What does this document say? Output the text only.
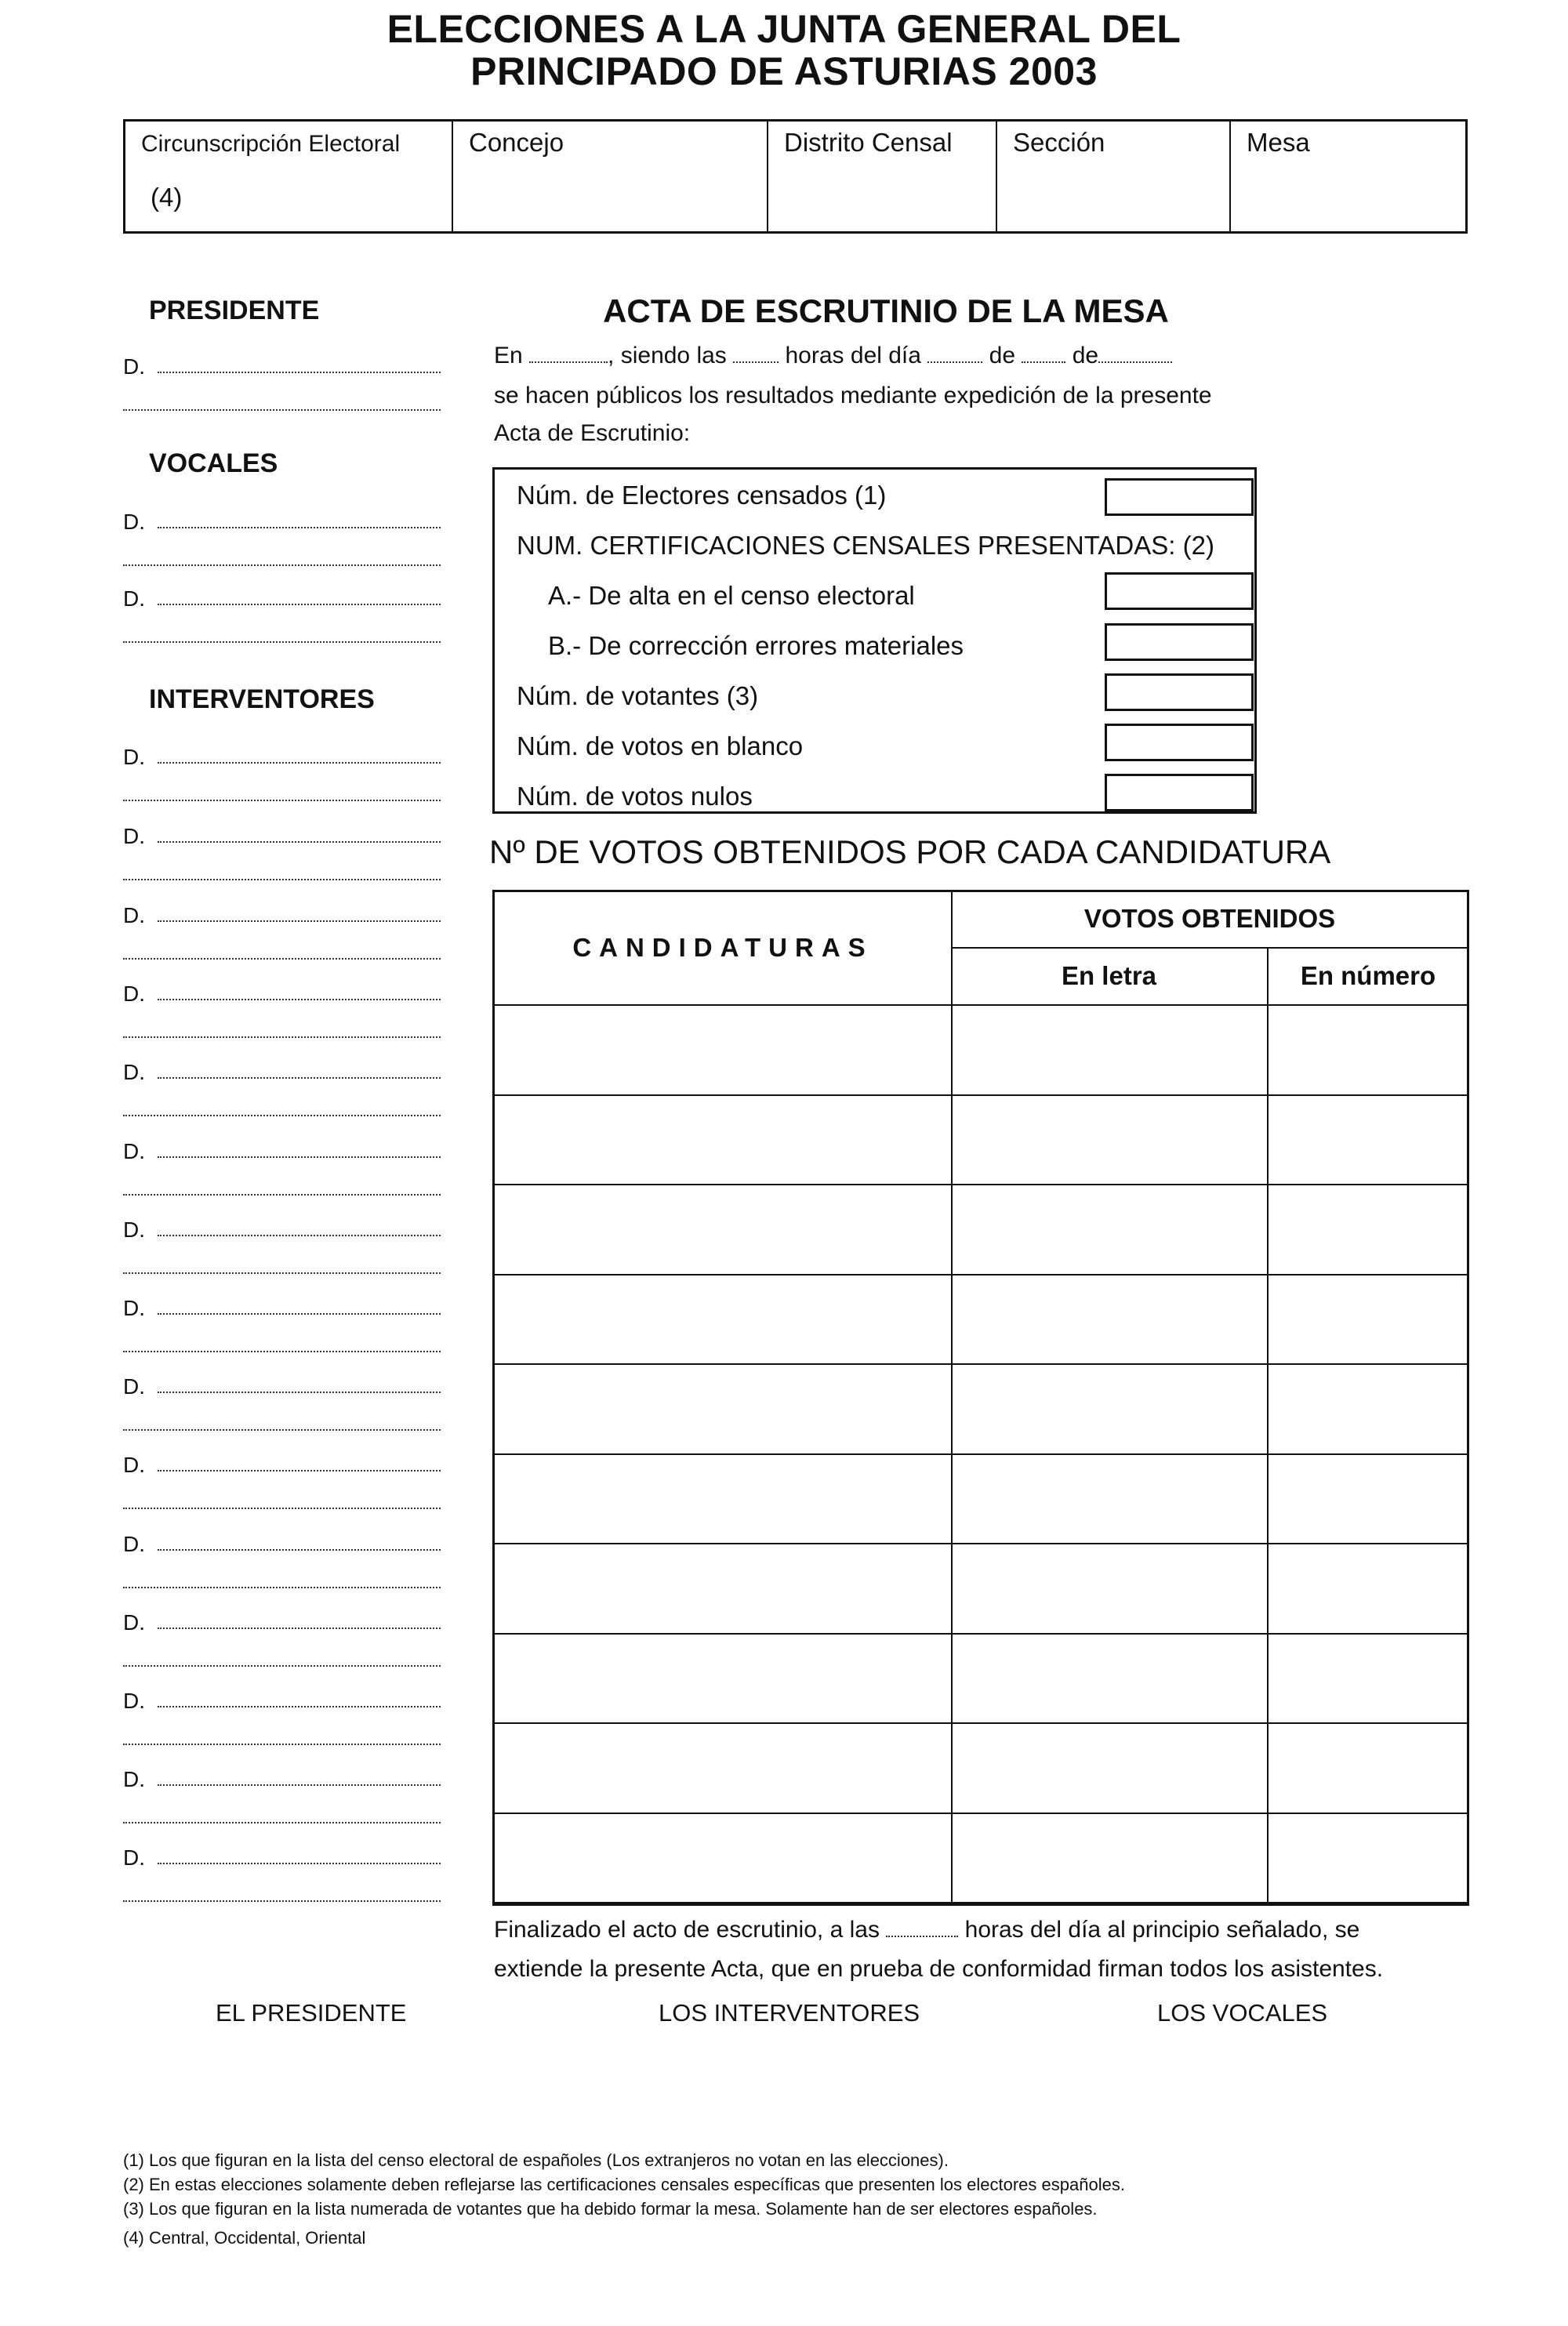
ELECCIONES A LA JUNTA GENERAL DEL
PRINCIPADO DE ASTURIAS 2003
Circunscripción Electoral
(4)
Concejo	Distrito Censal	Sección	Mesa
PRESIDENTE
VOCALES
INTERVENTORES
D.
D.
D.
D.
D.
D.
D.
D.
D.
D.
D.
D.
D.
D.
D.
D.
D.
D.
ACTA DE ESCRUTINIO DE LA MESA
En	, siendo las horas del día	de de
se hacen públicos los resultados mediante expedición de la presente
Acta de Escrutinio:
Núm. de Electores censados (1)
NUM. CERTIFICACIONES CENSALES PRESENTADAS: (2)
A.- De alta en el censo electoral
B.- De corrección errores materiales
Núm. de votantes (3)
Núm. de votos en blanco
Núm. de votos nulos
Nº DE VOTOS OBTENIDOS POR CADA CANDIDATURA
CANDIDATURAS
VOTOS OBTENIDOS
En letra	En número
Finalizado el acto de escrutinio, a las	horas del día al principio señalado, se
extiende la presente Acta, que en prueba de conformidad firman todos los asistentes.
EL PRESIDENTE	LOS INTERVENTORES	LOS VOCALES
(1) Los que figuran en la lista del censo electoral de españoles (Los extranjeros no votan en las elecciones).
(2) En estas elecciones solamente deben reflejarse las certificaciones censales específicas que presenten los electores españoles.
(3) Los que figuran en la lista numerada de votantes que ha debido formar la mesa. Solamente han de ser electores españoles.
(4) Central, Occidental, Oriental
